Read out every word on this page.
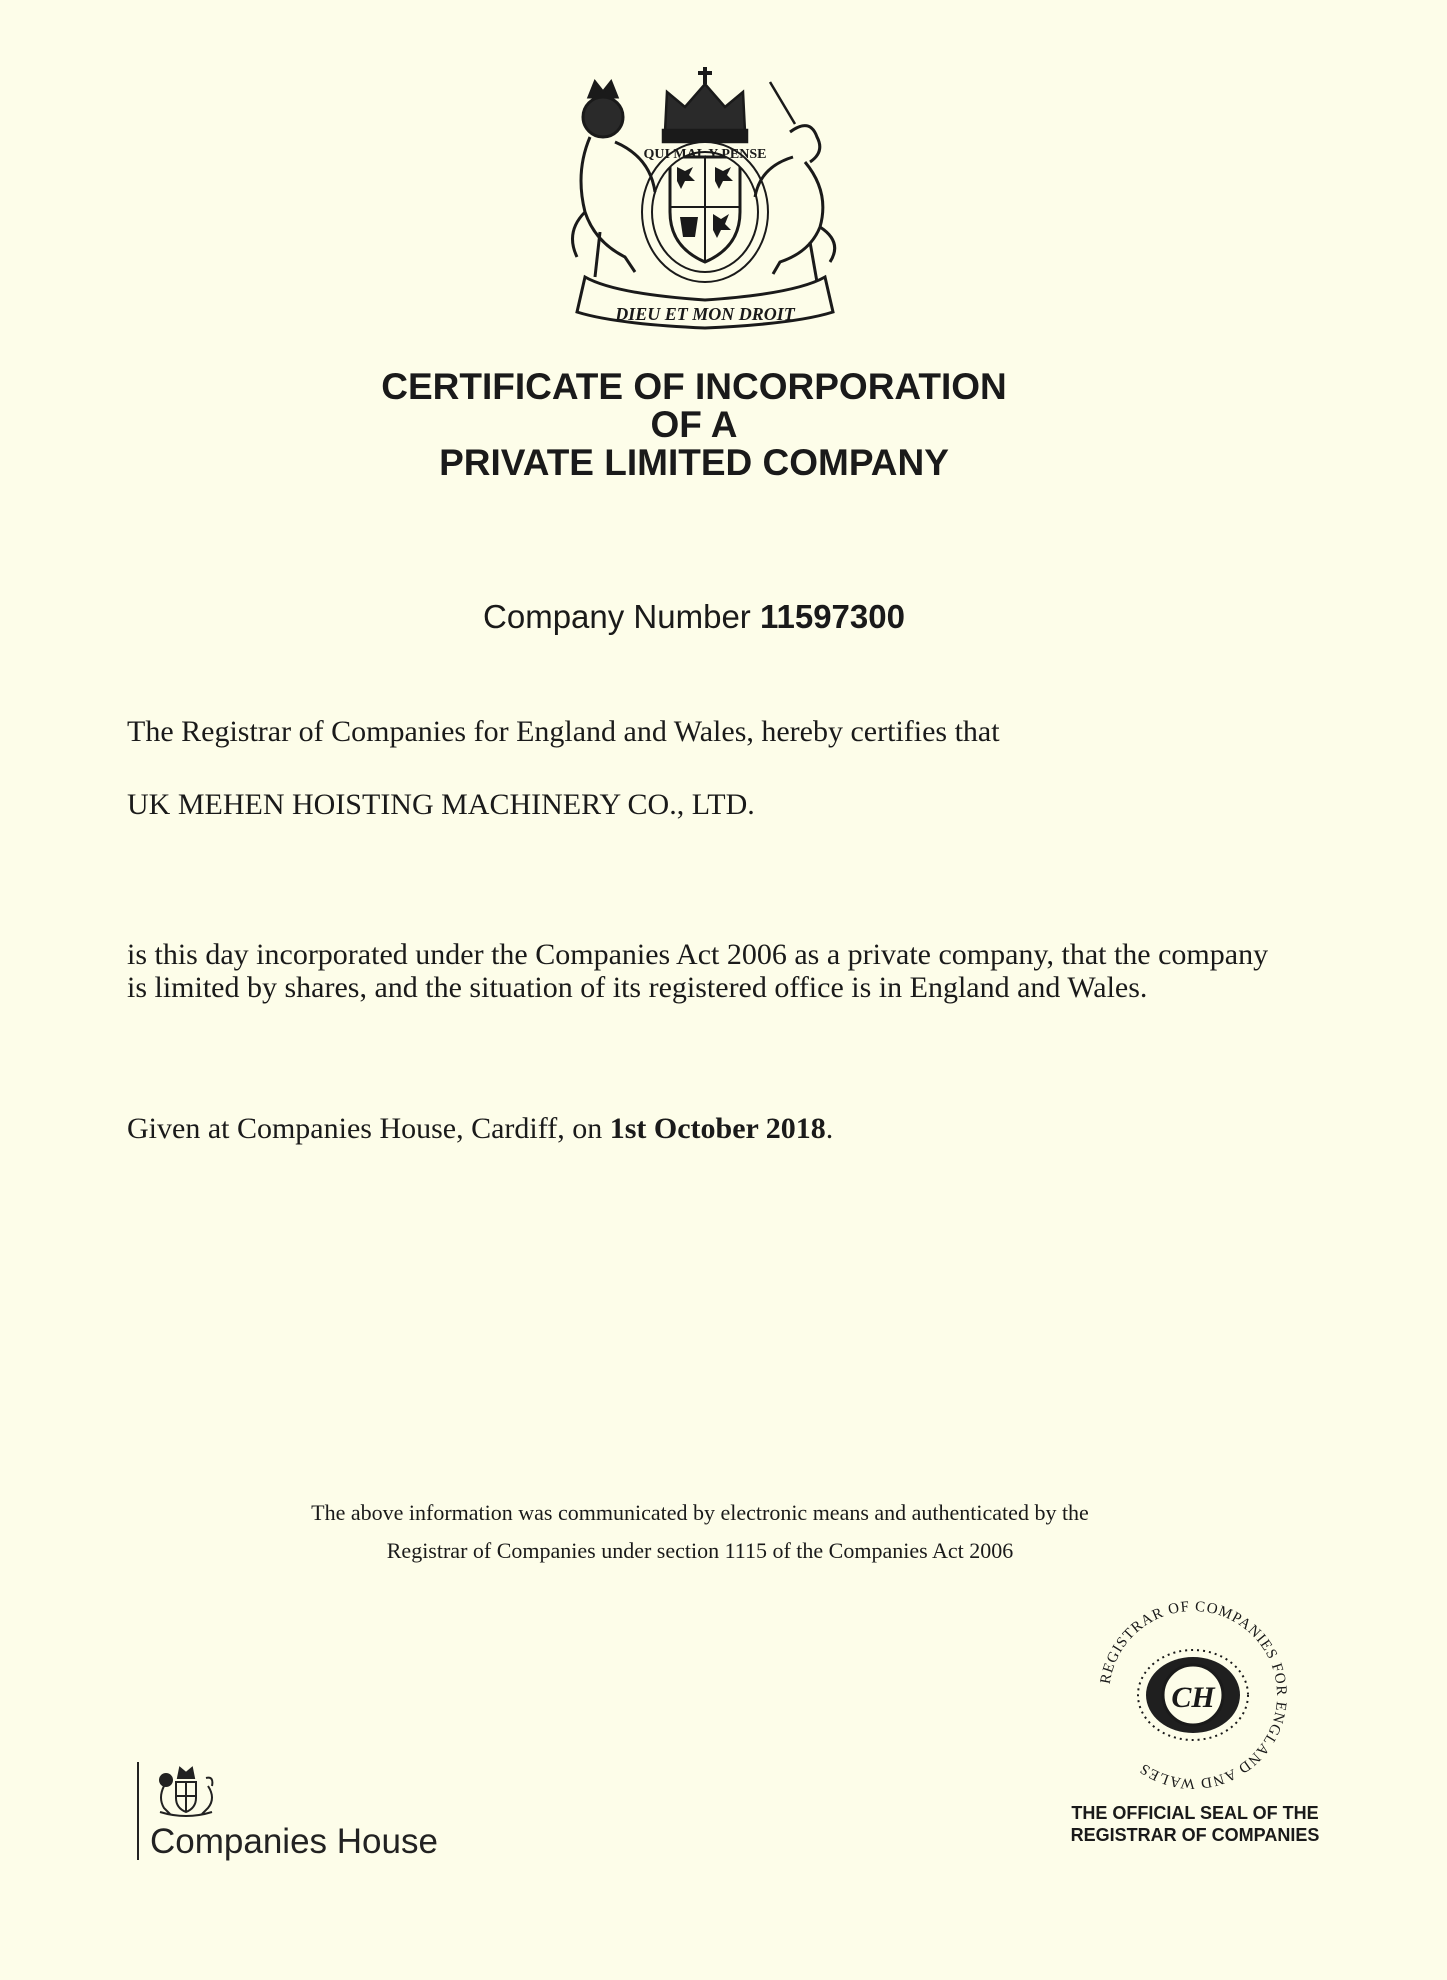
QUI MAL Y PENSE
DIEU ET MON DROIT
CERTIFICATE OF INCORPORATION
OF A
PRIVATE LIMITED COMPANY
Company Number 11597300
The Registrar of Companies for England and Wales, hereby certifies that
UK MEHEN HOISTING MACHINERY CO., LTD.
is this day incorporated under the Companies Act 2006 as a private company, that the company is limited by shares, and the situation of its registered office is in England and Wales.
Given at Companies House, Cardiff, on 1st October 2018.
The above information was communicated by electronic means and authenticated by the
Registrar of Companies under section 1115 of the Companies Act 2006
REGISTRAR OF COMPANIES FOR ENGLAND AND WALES
CH
THE OFFICIAL SEAL OF THE
REGISTRAR OF COMPANIES
Companies House
